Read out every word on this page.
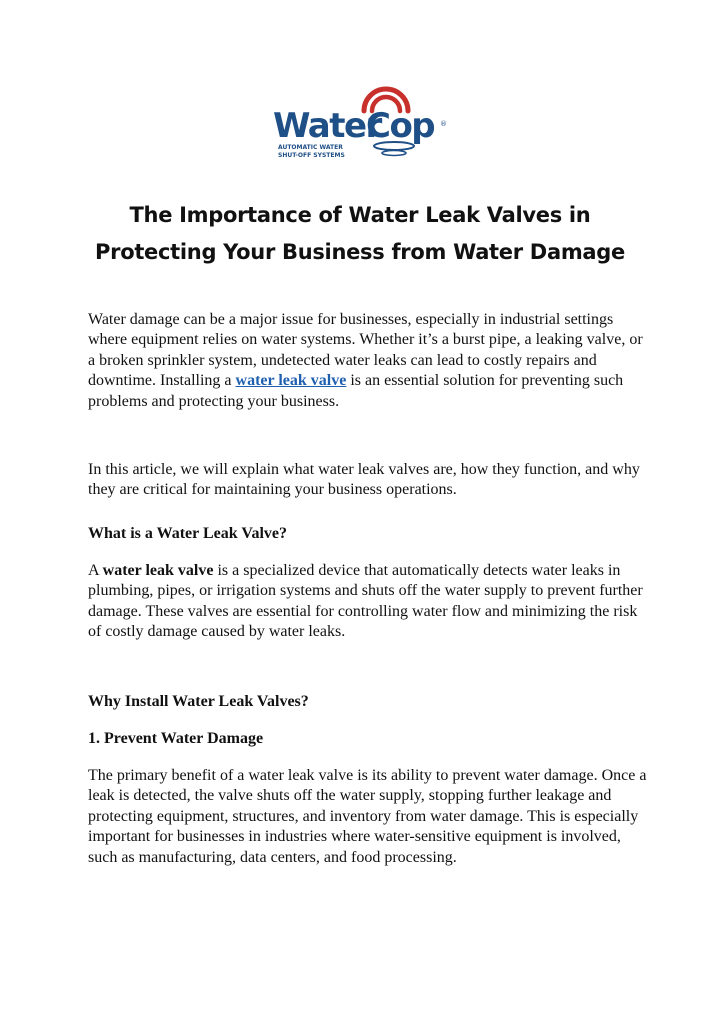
Water
Cop ®
AUTOMATIC WATER
SHUT-OFF SYSTEMS
The Importance of Water Leak Valves in
Protecting Your Business from Water Damage

Water damage can be a major issue for businesses, especially in industrial settings where equipment relies on water systems. Whether it’s a burst pipe, a leaking valve, or a broken sprinkler system, undetected water leaks can lead to costly repairs and downtime. Installing a water leak valve is an essential solution for preventing such problems and protecting your business.

In this article, we will explain what water leak valves are, how they function, and why they are critical for maintaining your business operations.

What is a Water Leak Valve?

A water leak valve is a specialized device that automatically detects water leaks in plumbing, pipes, or irrigation systems and shuts off the water supply to prevent further damage. These valves are essential for controlling water flow and minimizing the risk of costly damage caused by water leaks.

Why Install Water Leak Valves?
1. Prevent Water Damage

The primary benefit of a water leak valve is its ability to prevent water damage. Once a leak is detected, the valve shuts off the water supply, stopping further leakage and protecting equipment, structures, and inventory from water damage. This is especially important for businesses in industries where water-sensitive equipment is involved, such as manufacturing, data centers, and food processing.
